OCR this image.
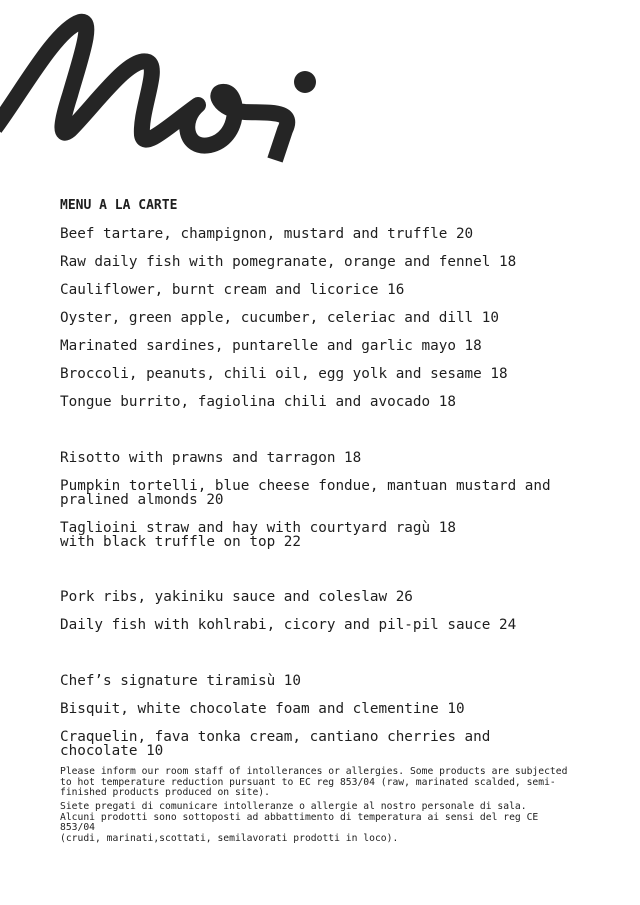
MENU A LA CARTE

Beef tartare, champignon, mustard and truffle 20

Raw daily fish with pomegranate, orange and fennel 18

Cauliflower, burnt cream and licorice 16

Oyster, green apple, cucumber, celeriac and dill 10

Marinated sardines, puntarelle and garlic mayo 18

Broccoli, peanuts, chili oil, egg yolk and sesame 18

Tongue burrito, fagiolina chili and avocado 18

Risotto with prawns and tarragon 18

Pumpkin tortelli, blue cheese fondue, mantuan mustard and
pralined almonds 20

Taglioini straw and hay with courtyard ragù 18
with black truffle on top 22

Pork ribs, yakiniku sauce and coleslaw 26

Daily fish with kohlrabi, cicory and pil-pil sauce 24

Chef’s signature tiramisù 10

Bisquit, white chocolate foam and clementine 10

Craquelin, fava tonka cream, cantiano cherries and
chocolate 10

Please inform our room staff of intollerances or allergies. Some products are subjected
to hot temperature reduction pursuant to EC reg 853/04 (raw, marinated scalded, semi-
finished products produced on site).
Siete pregati di comunicare intolleranze o allergie al nostro personale di sala.
Alcuni prodotti sono sottoposti ad abbattimento di temperatura ai sensi del reg CE
853/04
(crudi, marinati,scottati, semilavorati prodotti in loco).
